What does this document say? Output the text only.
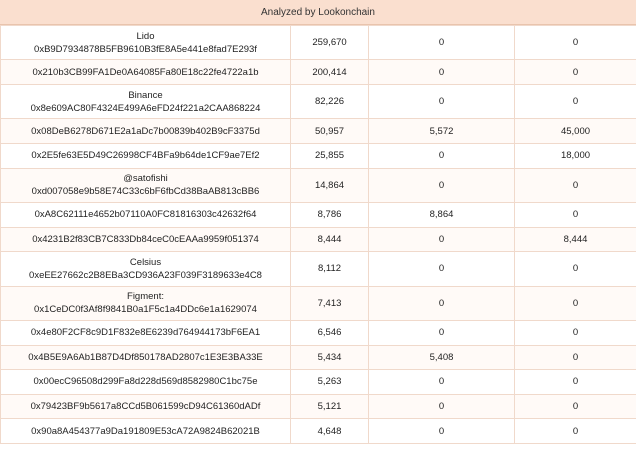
Analyzed by Lookonchain
Lido
0xB9D7934878B5FB9610B3fE8A5e441e8fad7E293f	259,670	0	0

0x210b3CB99FA1De0A64085Fa80E18c22fe4722a1b	200,414	0	0

Binance
0x8e609AC80F4324E499A6eFD24f221a2CAA868224	82,226	0	0

0x08DeB6278D671E2a1aDc7b00839b402B9cF3375d	50,957	5,572	45,000

0x2E5fe63E5D49C26998CF4BFa9b64de1CF9ae7Ef2	25,855	0	18,000

@satofishi
0xd007058e9b58E74C33c6bF6fbCd38BaAB813cBB6	14,864	0	0

0xA8C62111e4652b07110A0FC81816303c42632f64	8,786	8,864	0

0x4231B2f83CB7C833Db84ceC0cEAAa9959f051374	8,444	0	8,444

Celsius
0xeEE27662c2B8EBa3CD936A23F039F3189633e4C8	8,112	0	0

Figment:
0x1CeDC0f3Af8f9841B0a1F5c1a4DDc6e1a1629074	7,413	0	0

0x4e80F2CF8c9D1F832e8E6239d764944173bF6EA1	6,546	0	0

0x4B5E9A6Ab1B87D4Df850178AD2807c1E3E3BA33E	5,434	5,408	0

0x00ecC96508d299Fa8d228d569d8582980C1bc75e	5,263	0	0

0x79423BF9b5617a8CCd5B061599cD94C61360dADf	5,121	0	0

0x90a8A454377a9Da191809E53cA72A9824B62021B	4,648	0	0
